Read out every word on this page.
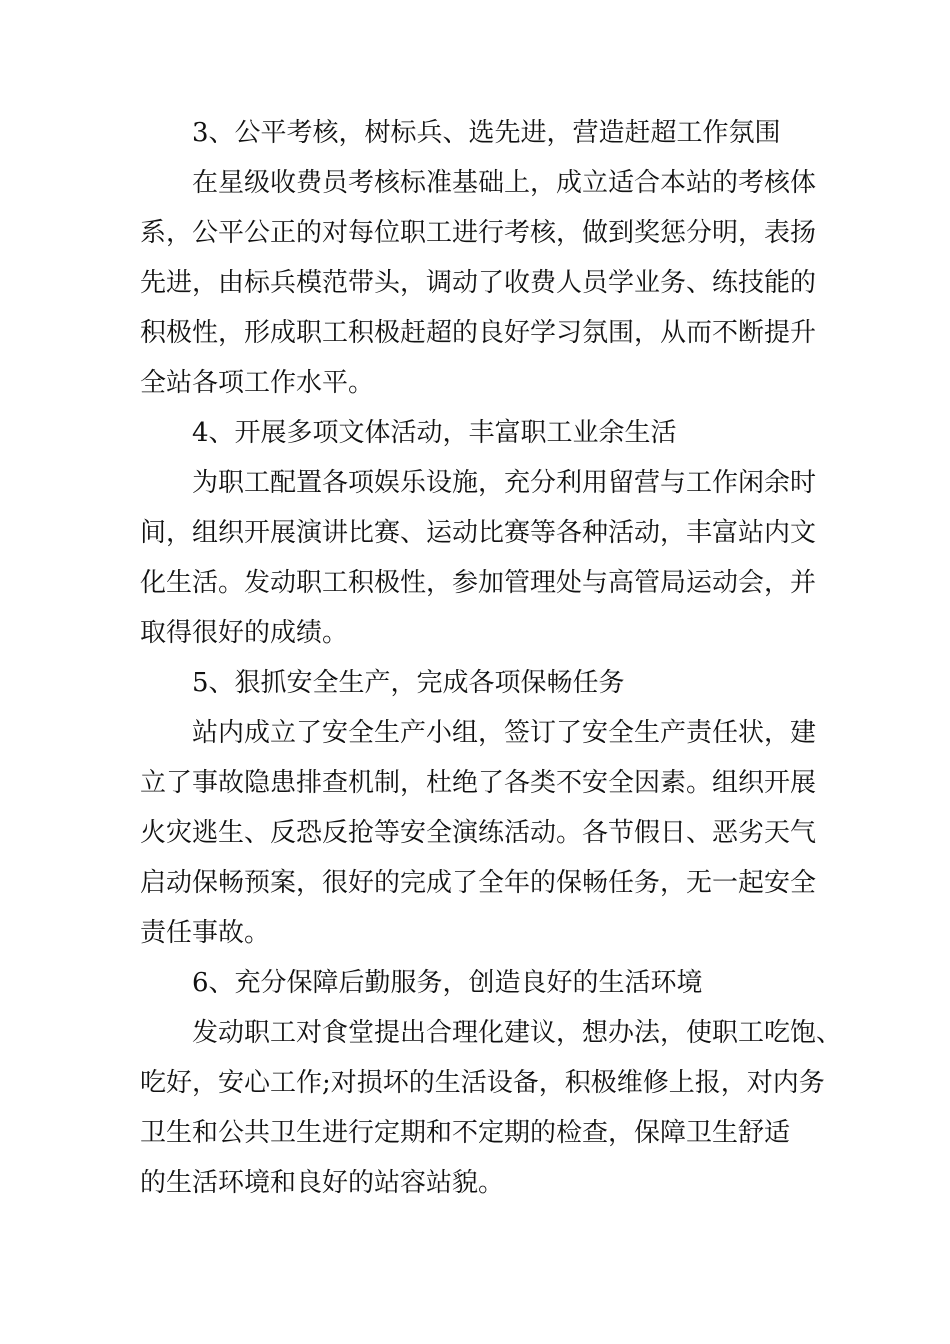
3、公平考核，树标兵、选先进，营造赶超工作氛围

在星级收费员考核标准基础上，成立适合本站的考核体
系，公平公正的对每位职工进行考核，做到奖惩分明，表扬
先进，由标兵模范带头，调动了收费人员学业务、练技能的
积极性，形成职工积极赶超的良好学习氛围，从而不断提升
全站各项工作水平。

4、开展多项文体活动，丰富职工业余生活

为职工配置各项娱乐设施，充分利用留营与工作闲余时
间，组织开展演讲比赛、运动比赛等各种活动，丰富站内文
化生活。发动职工积极性，参加管理处与高管局运动会，并
取得很好的成绩。

5、狠抓安全生产，完成各项保畅任务

站内成立了安全生产小组，签订了安全生产责任状，建
立了事故隐患排查机制，杜绝了各类不安全因素。组织开展
火灾逃生、反恐反抢等安全演练活动。各节假日、恶劣天气
启动保畅预案，很好的完成了全年的保畅任务，无一起安全
责任事故。

6、充分保障后勤服务，创造良好的生活环境

发动职工对食堂提出合理化建议，想办法，使职工吃饱、
吃好，安心工作;对损坏的生活设备，积极维修上报，对内务
卫生和公共卫生进行定期和不定期的检查，保障卫生舒适
的生活环境和良好的站容站貌。
